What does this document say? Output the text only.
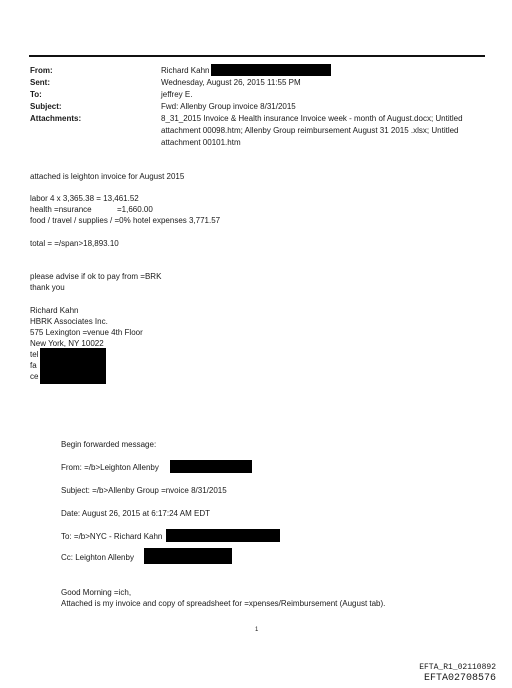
From:	Richard Kahn
Sent:	Wednesday, August 26, 2015 11:55 PM
To:	jeffrey E.
Subject:	Fwd: Allenby Group invoice 8/31/2015
Attachments:	8_31_2015 Invoice & Health insurance Invoice week - month of August.docx; Untitled
attachment 00098.htm; Allenby Group reimbursement August 31 2015 .xlsx; Untitled
attachment 00101.htm
attached is leighton invoice for August 2015
labor 4 x 3,365.38 = 13,461.52
health =nsurance	=1,660.00
food / travel / supplies / =0% hotel expenses 3,771.57
total = =/span>18,893.10
please advise if ok to pay from =BRK
thank you
Richard Kahn
HBRK Associates Inc.
575 Lexington =venue 4th Floor
New York, NY 10022
tel
fa
ce
Begin forwarded message:
From: =/b>Leighton Allenby
Subject: =/b>Allenby Group =nvoice 8/31/2015
Date: August 26, 2015 at 6:17:24 AM EDT
To: =/b>NYC - Richard Kahn
Cc: Leighton Allenby
Good Morning =ich,
Attached is my invoice and copy of spreadsheet for =xpenses/Reimbursement (August tab).
1
EFTA_R1_02110892
EFTA02708576
